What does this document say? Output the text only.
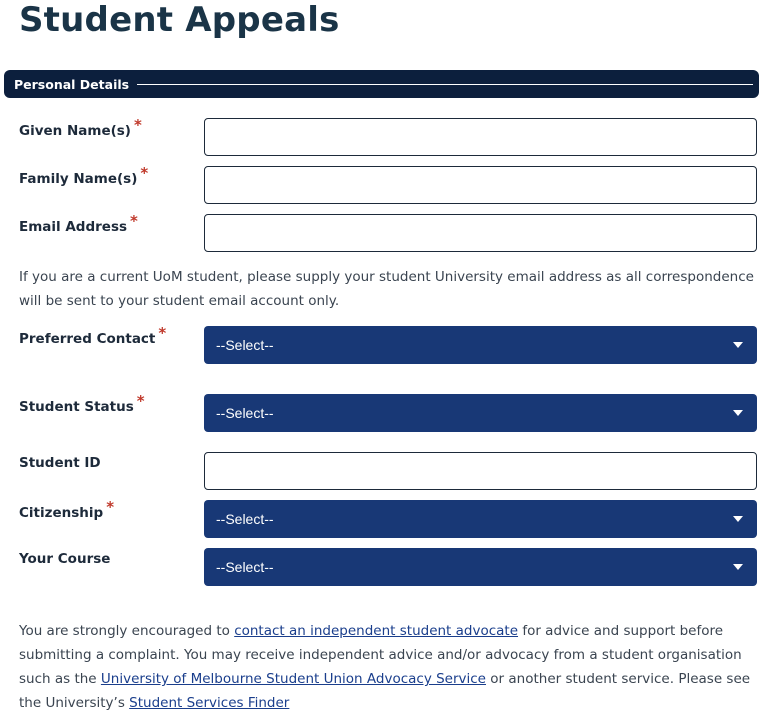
Student Appeals
Personal Details
Given Name(s) *
Family Name(s) *
Email Address *

If you are a current UoM student, please supply your student University email address as all correspondence will be sent to your student email account only.

Preferred Contact *
--Select--
Student Status *
--Select--
Student ID
Citizenship *
--Select--
Your Course	--Select--

You are strongly encouraged to contact an independent student advocate for advice and support before submitting a complaint. You may receive independent advice and/or advocacy from a student organisation such as the University of Melbourne Student Union Advocacy Service or another student service. Please see the University’s Student Services Finder
